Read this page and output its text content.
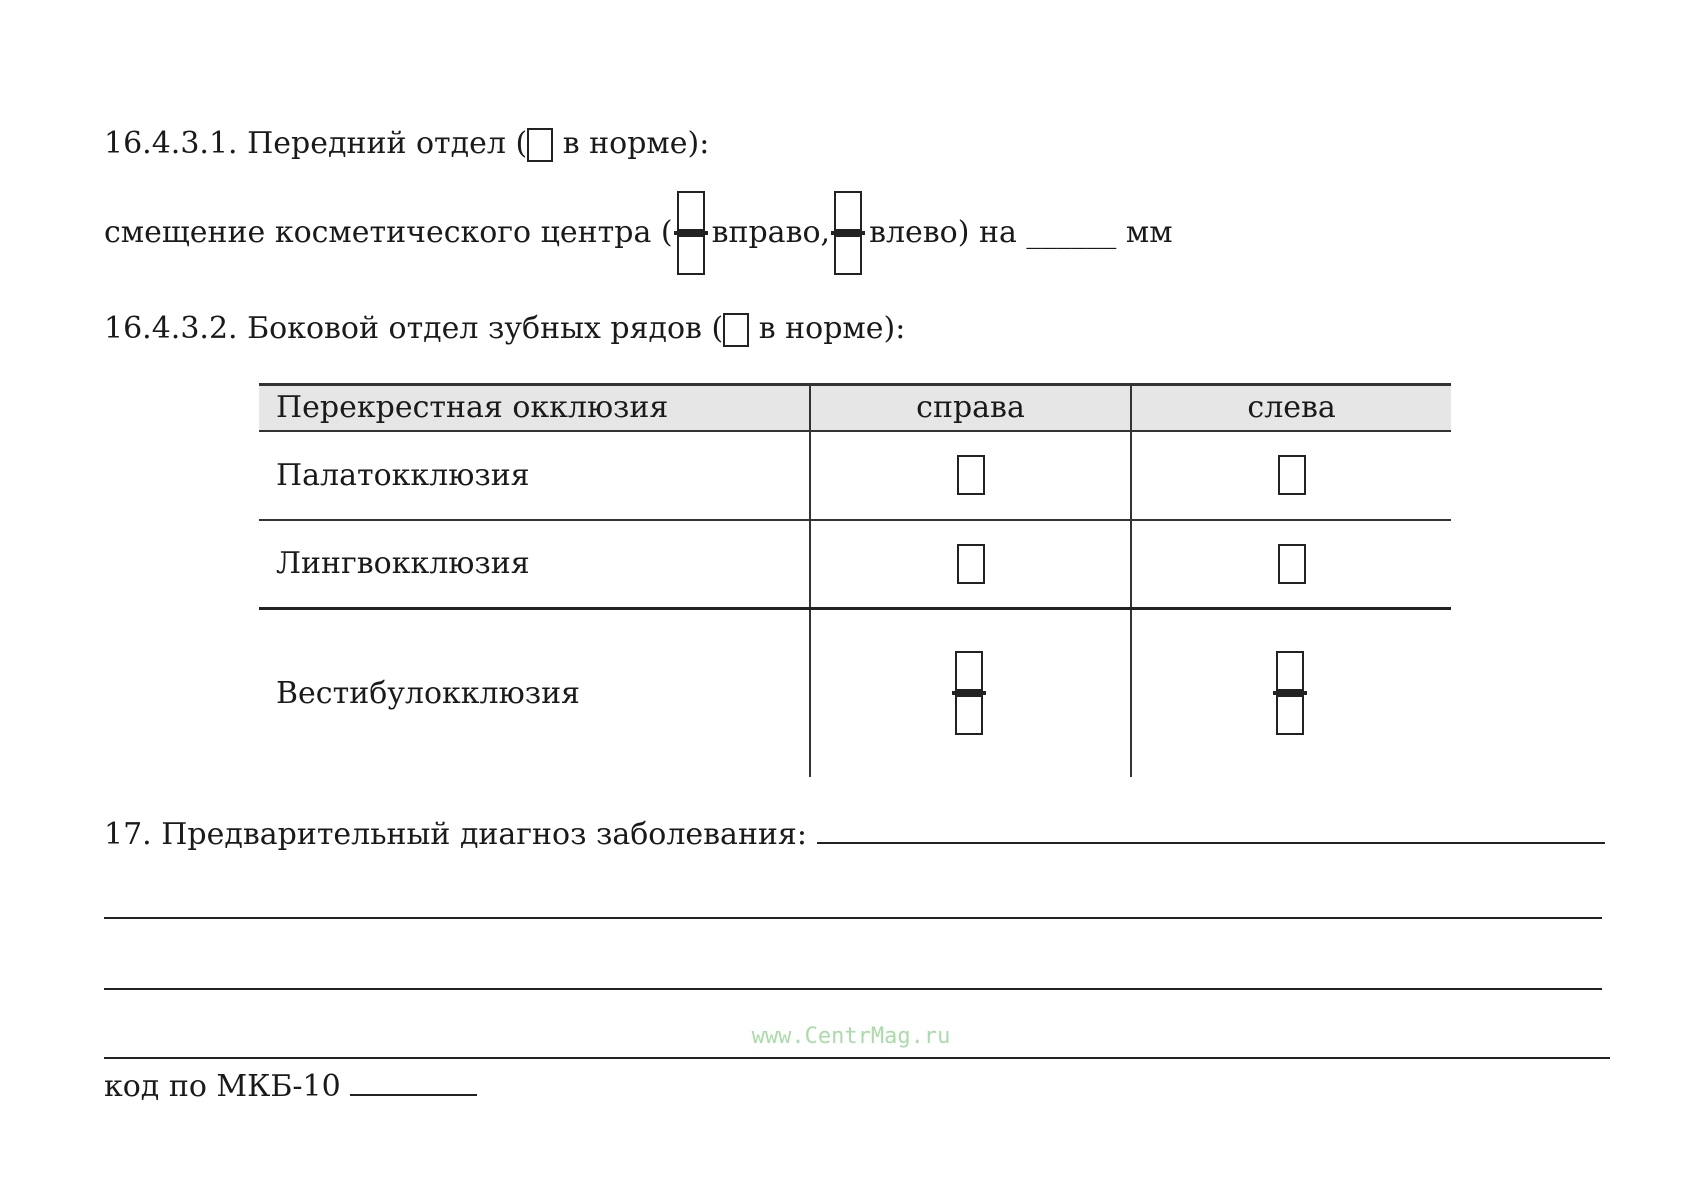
16.4.3.1. Передний отдел ( в норме):
смещение косметического центра ( вправо, влево) на ______ мм
16.4.3.2. Боковой отдел зубных рядов ( в норме):
Перекрестная окклюзия	справа	слева
Палатокклюзия		
Лингвокклюзия		
Вестибулокклюзия	

17. Предварительный диагноз заболевания:
www.CentrMag.ru
код по МКБ-10
